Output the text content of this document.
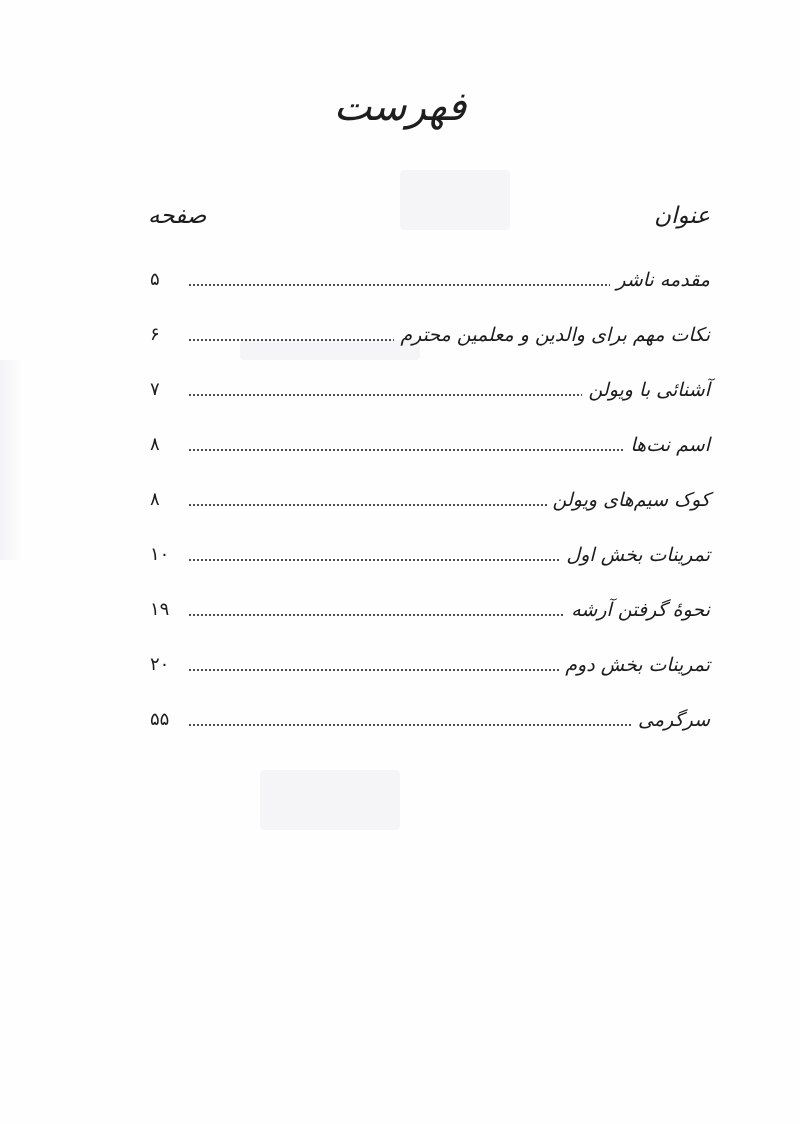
فهرست
عنوان
صفحه
مقدمه ناشر
۵
نکات مهم برای والدین و معلمین محترم
۶
آشنائی با ویولن
۷
اسم نت‌ها
۸
کوک سیم‌های ویولن
۸
تمرینات بخش اول
۱۰
نحوهٔ گرفتن آرشه
۱۹
تمرینات بخش دوم
۲۰
سرگرمی
۵۵
